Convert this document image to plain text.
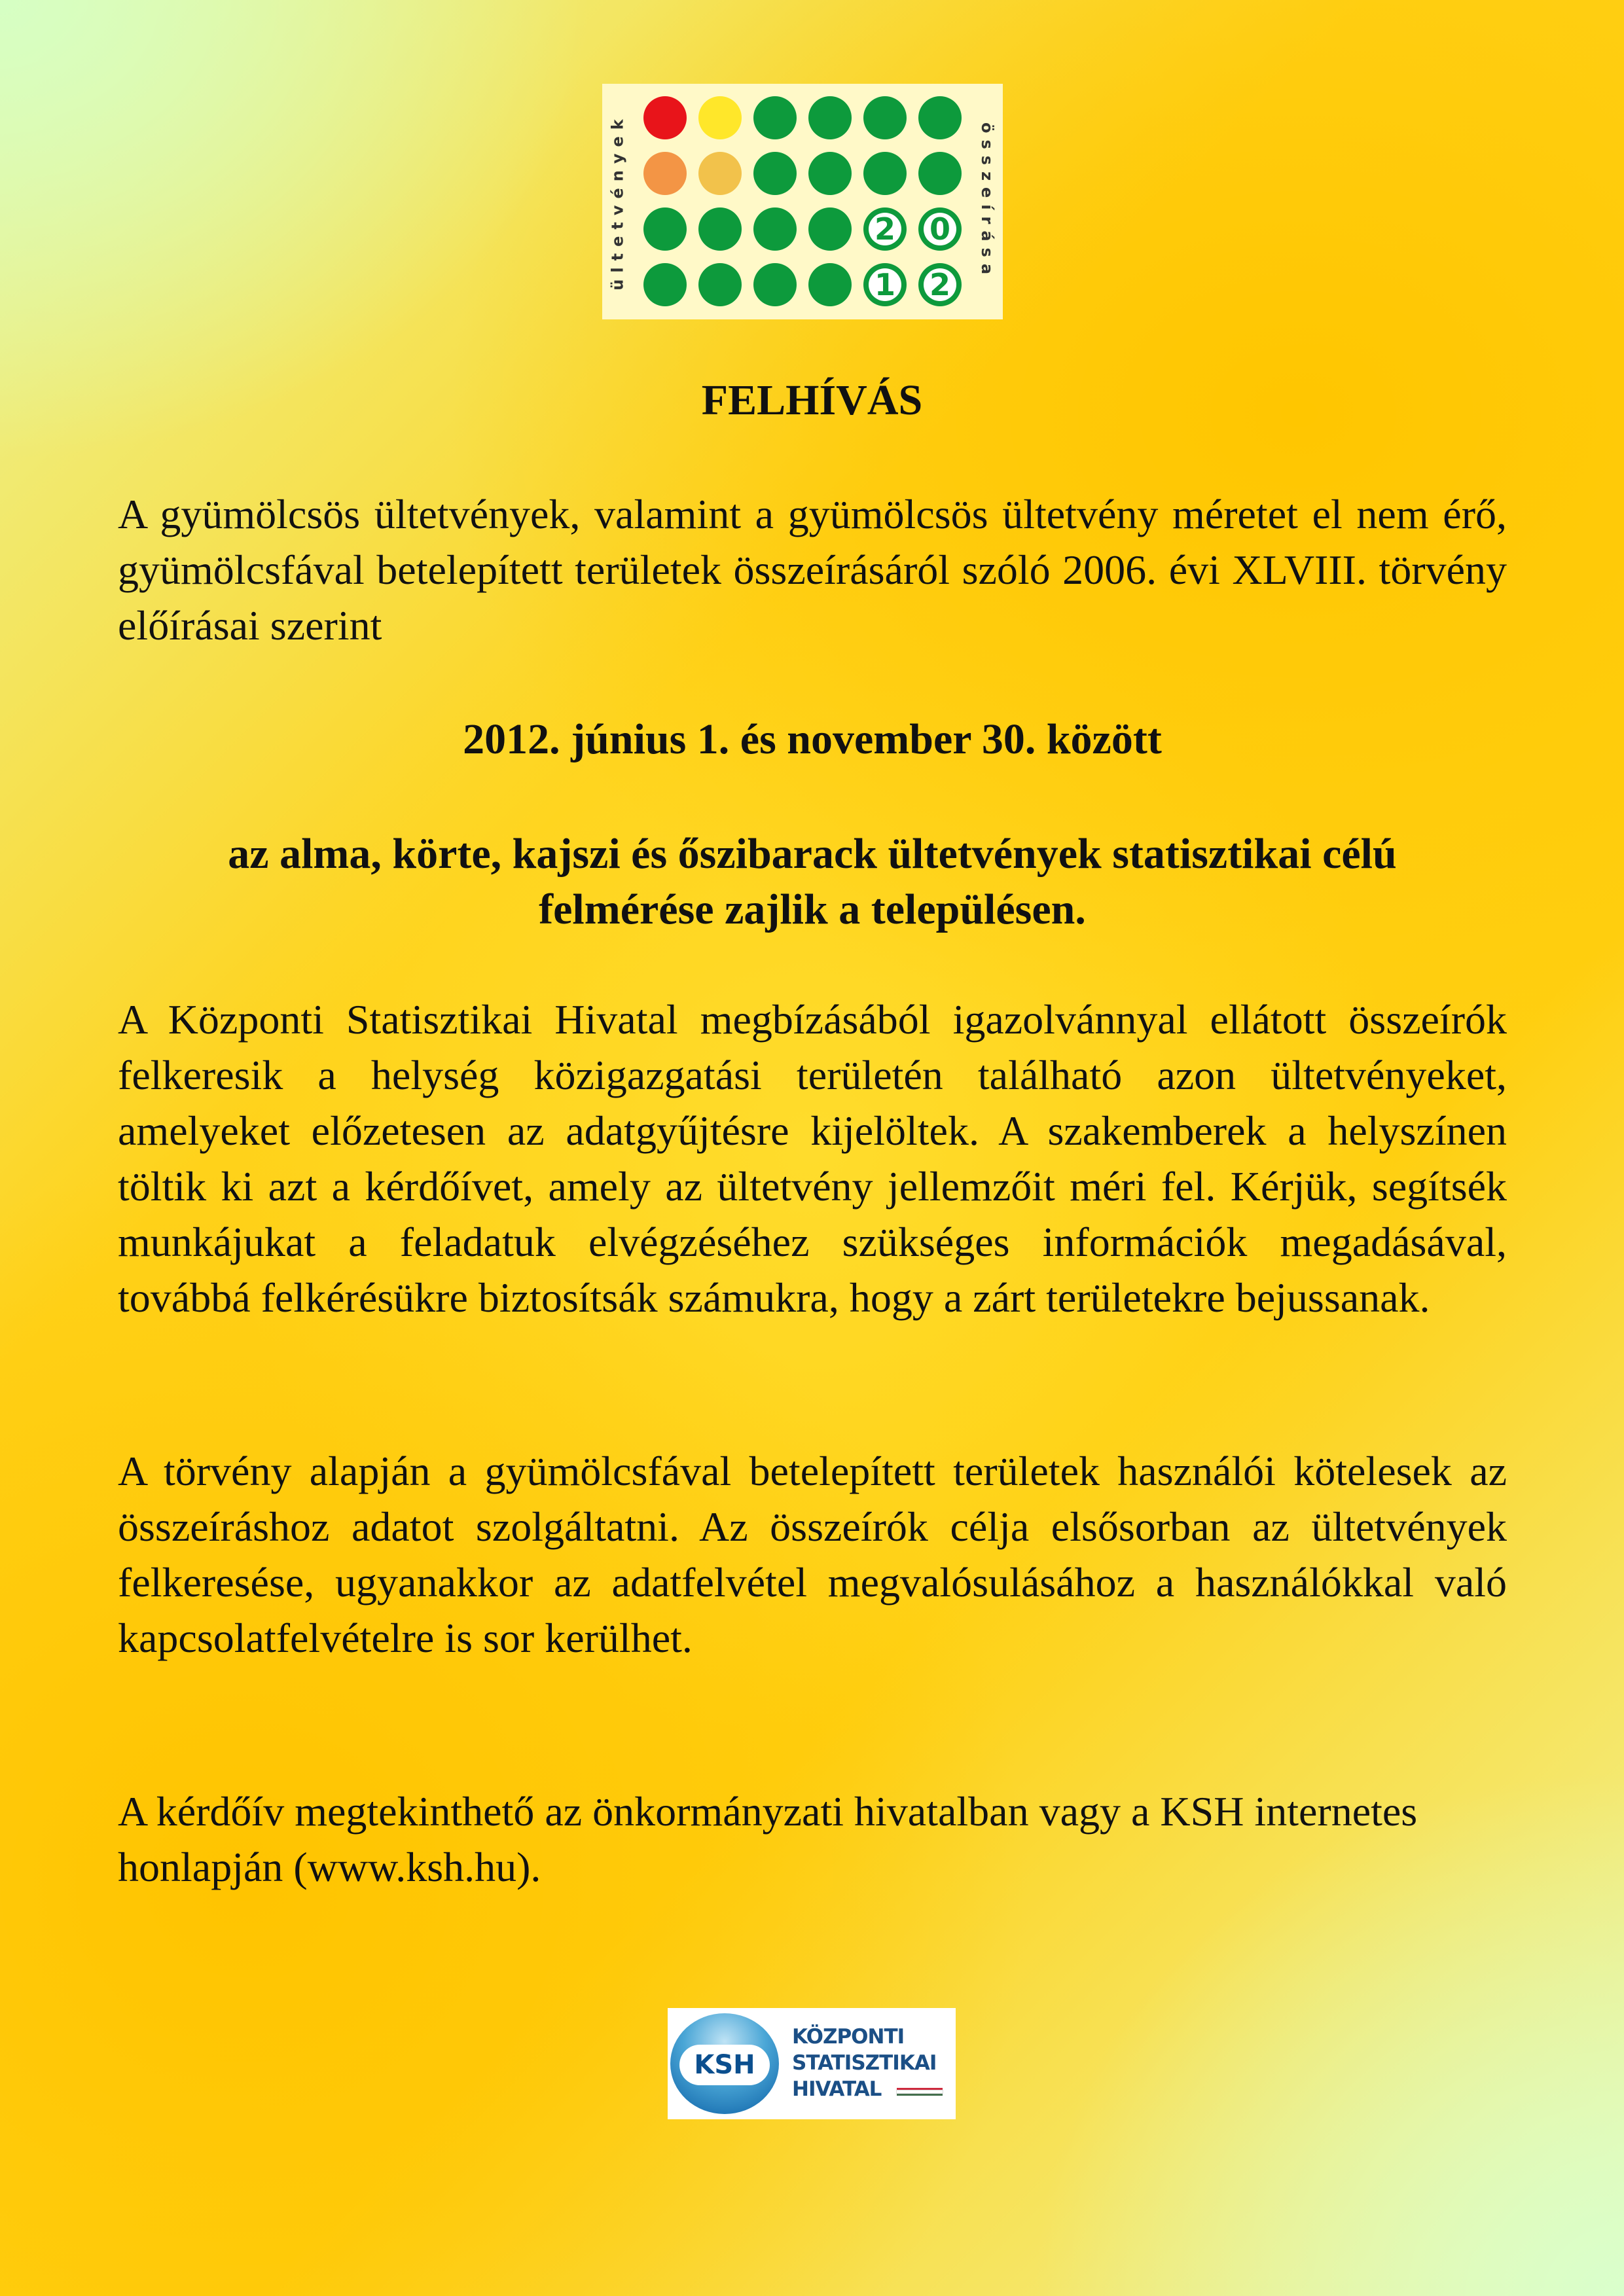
ültetvények	2 0
1 2
összeírása
FELHÍVÁS
A gyümölcsös ültetvények, valamint a gyümölcsös ültetvény méretet el nem érő, gyümölcsfával betelepített területek összeírásáról szóló 2006. évi XLVIII. törvény előírásai szerint
2012. június 1. és november 30. között
az alma, körte, kajszi és őszibarack ültetvények statisztikai célú felmérése zajlik a településen.
A Központi Statisztikai Hivatal megbízásából igazolvánnyal ellátott összeírók felkeresik a helység közigazgatási területén található azon ültetvényeket, amelyeket előzetesen az adatgyűjtésre kijelöltek. A szakemberek a helyszínen töltik ki azt a kérdőívet, amely az ültetvény jellemzőit méri fel. Kérjük, segítsék munkájukat a feladatuk elvégzéséhez szükséges információk megadásával, továbbá felkérésükre biztosítsák számukra, hogy a zárt területekre bejussanak.
A törvény alapján a gyümölcsfával betelepített területek használói kötelesek az összeíráshoz adatot szolgáltatni. Az összeírók célja elsősorban az ültetvények felkeresése, ugyanakkor az adatfelvétel megvalósulásához a használókkal való kapcsolatfelvételre is sor kerülhet.
A kérdőív megtekinthető az önkormányzati hivatalban vagy a KSH internetes honlapján (www.ksh.hu).
KSH
KÖZPONTI
STATISZTIKAI
HIVATAL
